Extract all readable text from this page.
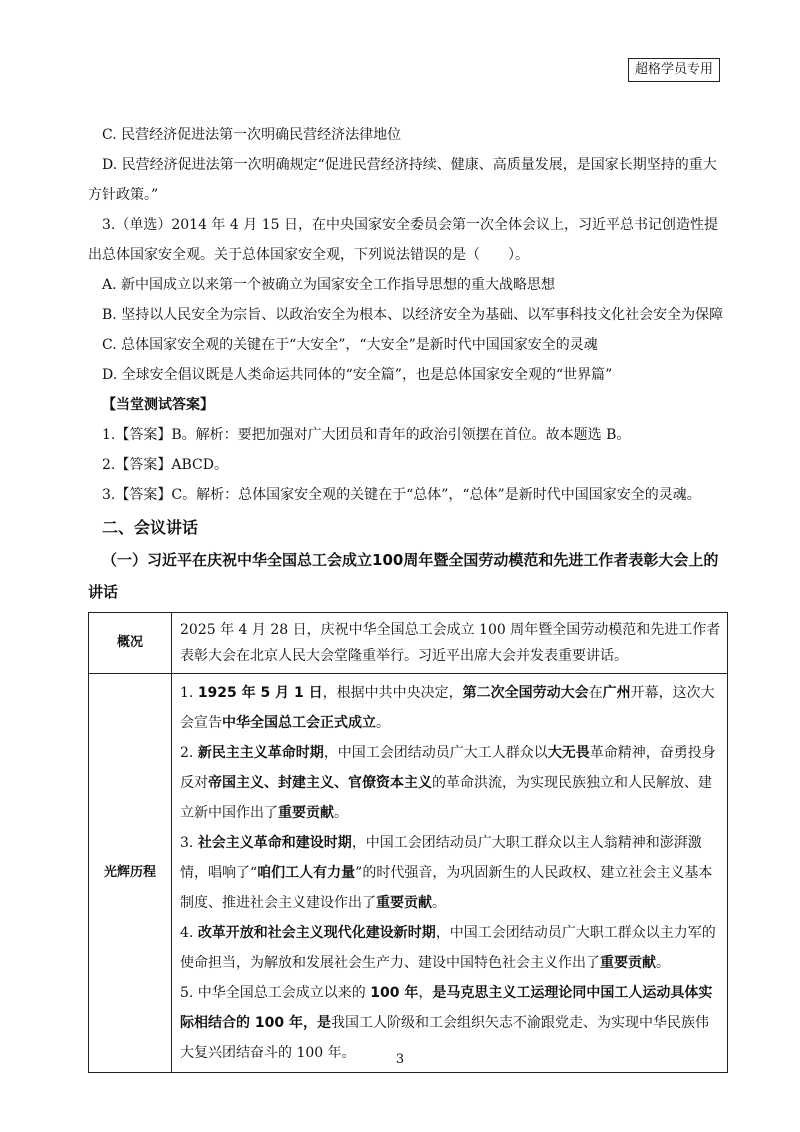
超格学员专用

C. 民营经济促进法第一次明确民营经济法律地位

D. 民营经济促进法第一次明确规定“促进民营经济持续、健康、高质量发展，是国家长期坚持的重大方针政策。”

3.（单选）2014 年 4 月 15 日，在中央国家安全委员会第一次全体会议上，习近平总书记创造性提出总体国家安全观。关于总体国家安全观，下列说法错误的是（　　）。

A. 新中国成立以来第一个被确立为国家安全工作指导思想的重大战略思想

B. 坚持以人民安全为宗旨、以政治安全为根本、以经济安全为基础、以军事科技文化社会安全为保障

C. 总体国家安全观的关键在于“大安全”，“大安全”是新时代中国国家安全的灵魂

D. 全球安全倡议既是人类命运共同体的“安全篇”，也是总体国家安全观的“世界篇”

【当堂测试答案】

1.【答案】B。解析：要把加强对广大团员和青年的政治引领摆在首位。故本题选 B。

2.【答案】ABCD。

3.【答案】C。解析：总体国家安全观的关键在于“总体”，“总体”是新时代中国国家安全的灵魂。

二、会议讲话

（一）习近平在庆祝中华全国总工会成立100周年暨全国劳动模范和先进工作者表彰大会上的讲话

概况	2025 年 4 月 28 日，庆祝中华全国总工会成立 100 周年暨全国劳动模范和先进工作者表彰大会在北京人民大会堂隆重举行。习近平出席大会并发表重要讲话。
光辉历程	1. 1925 年 5 月 1 日，根据中共中央决定，第二次全国劳动大会在广州开幕，这次大会宣告中华全国总工会正式成立。

2. 新民主主义革命时期，中国工会团结动员广大工人群众以大无畏革命精神，奋勇投身反对帝国主义、封建主义、官僚资本主义的革命洪流，为实现民族独立和人民解放、建立新中国作出了重要贡献。

3. 社会主义革命和建设时期，中国工会团结动员广大职工群众以主人翁精神和澎湃激情，唱响了“咱们工人有力量”的时代强音，为巩固新生的人民政权、建立社会主义基本制度、推进社会主义建设作出了重要贡献。

4. 改革开放和社会主义现代化建设新时期，中国工会团结动员广大职工群众以主力军的使命担当，为解放和发展社会生产力、建设中国特色社会主义作出了重要贡献。

5. 中华全国总工会成立以来的 100 年，是马克思主义工运理论同中国工人运动具体实际相结合的 100 年，是我国工人阶级和工会组织矢志不渝跟党走、为实现中华民族伟大复兴团结奋斗的 100 年。	3
